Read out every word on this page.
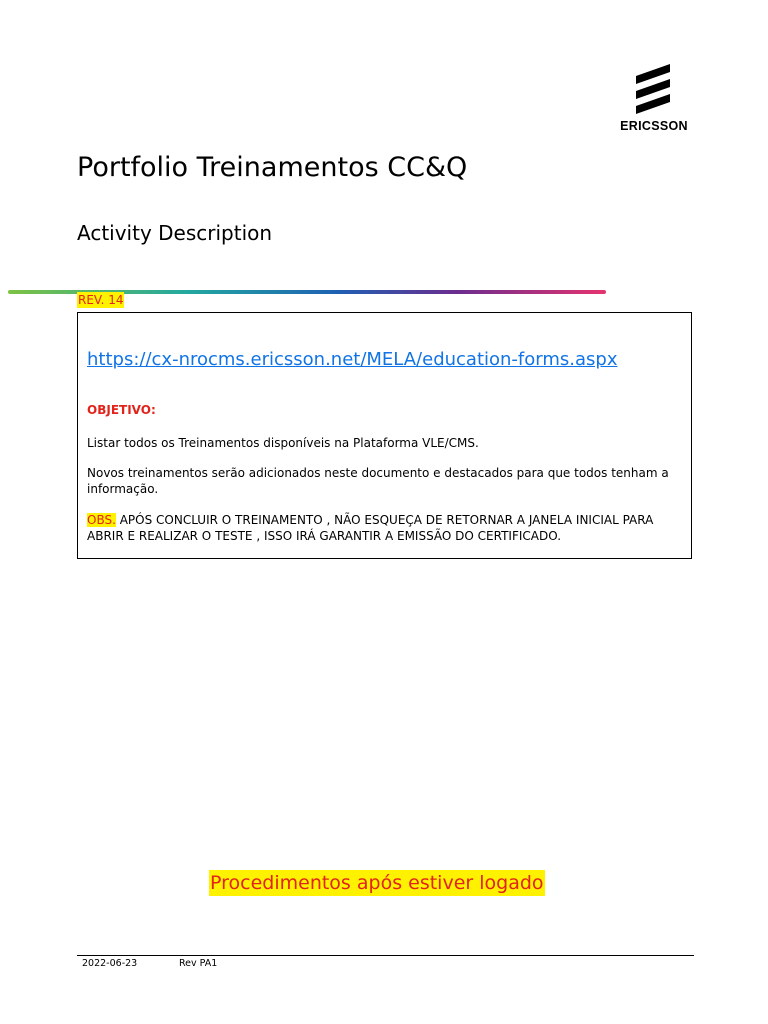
ERICSSON
Portfolio Treinamentos CC&Q
Activity Description
REV. 14
https://cx-nrocms.ericsson.net/MELA/education-forms.aspx
OBJETIVO:

Listar todos os Treinamentos disponíveis na Plataforma VLE/CMS.

Novos treinamentos serão adicionados neste documento e destacados para que todos tenham a informação.

OBS. APÓS CONCLUIR O TREINAMENTO , NÃO ESQUEÇA DE RETORNAR A JANELA INICIAL PARA ABRIR E REALIZAR O TESTE , ISSO IRÁ GARANTIR A EMISSÃO DO CERTIFICADO.

Procedimentos após estiver logado
2022-06-23	Rev PA1
